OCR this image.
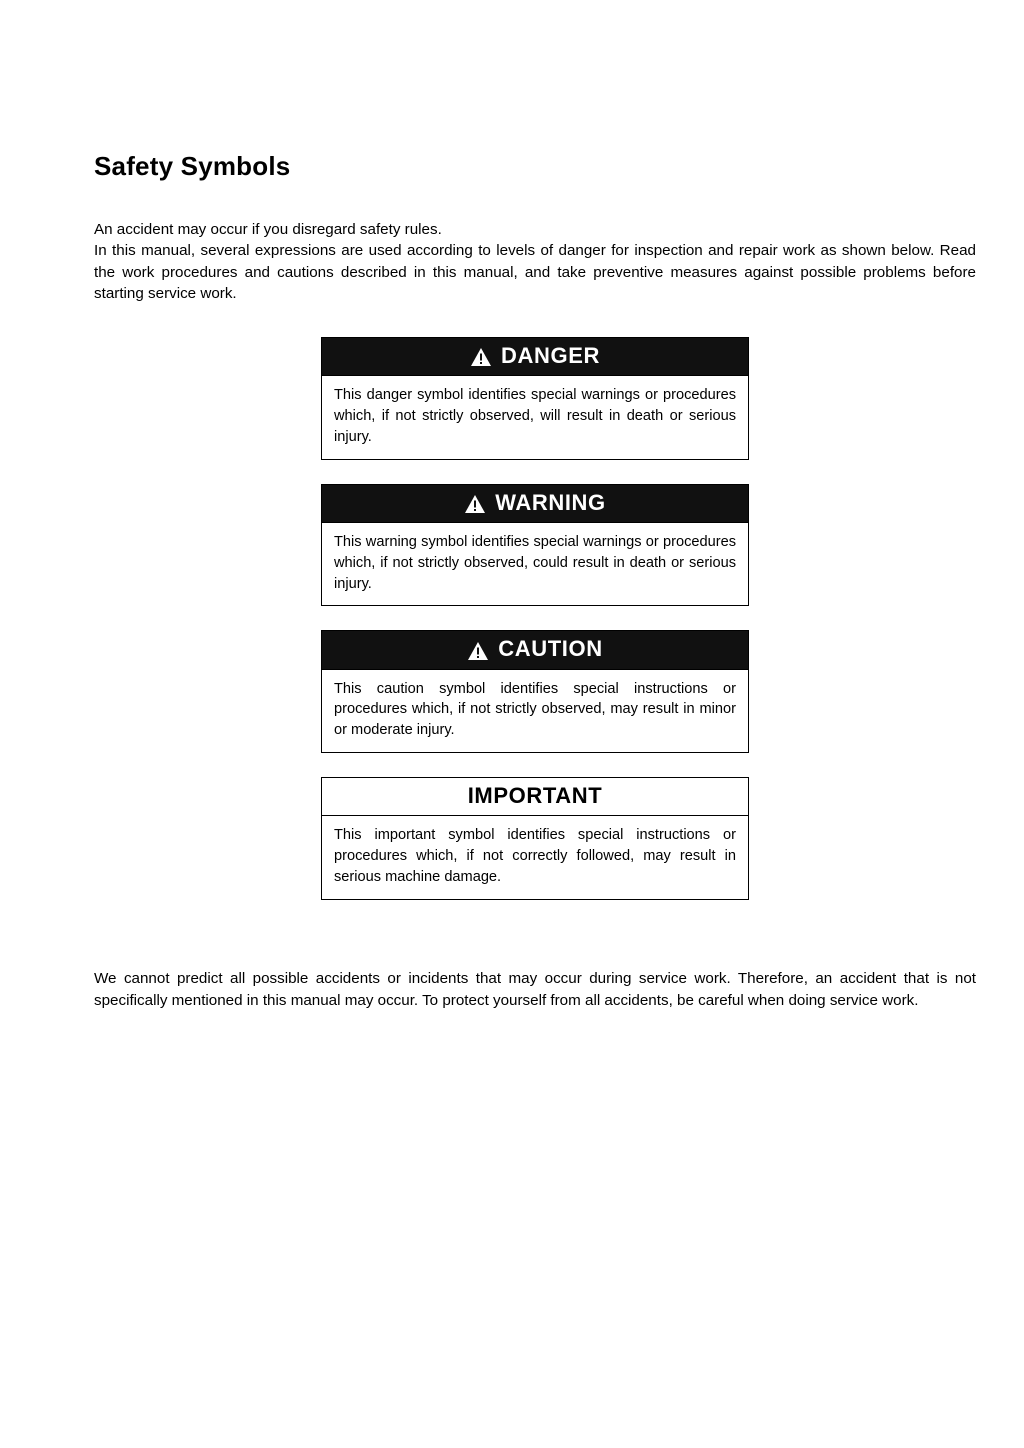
Safety Symbols

An accident may occur if you disregard safety rules.
In this manual, several expressions are used according to levels of danger for inspection and repair work as shown below. Read the work procedures and cautions described in this manual, and take preventive measures against possible problems before starting service work.

DANGER
This danger symbol identifies special warnings or procedures which, if not strictly observed, will result in death or serious injury.
WARNING
This warning symbol identifies special warnings or procedures which, if not strictly observed, could result in death or serious injury.
CAUTION
This caution symbol identifies special instructions or procedures which, if not strictly observed, may result in minor or moderate injury.
IMPORTANT
This important symbol identifies special instructions or procedures which, if not correctly followed, may result in serious machine damage.

We cannot predict all possible accidents or incidents that may occur during service work. Therefore, an accident that is not specifically mentioned in this manual may occur. To protect yourself from all accidents, be careful when doing service work.
